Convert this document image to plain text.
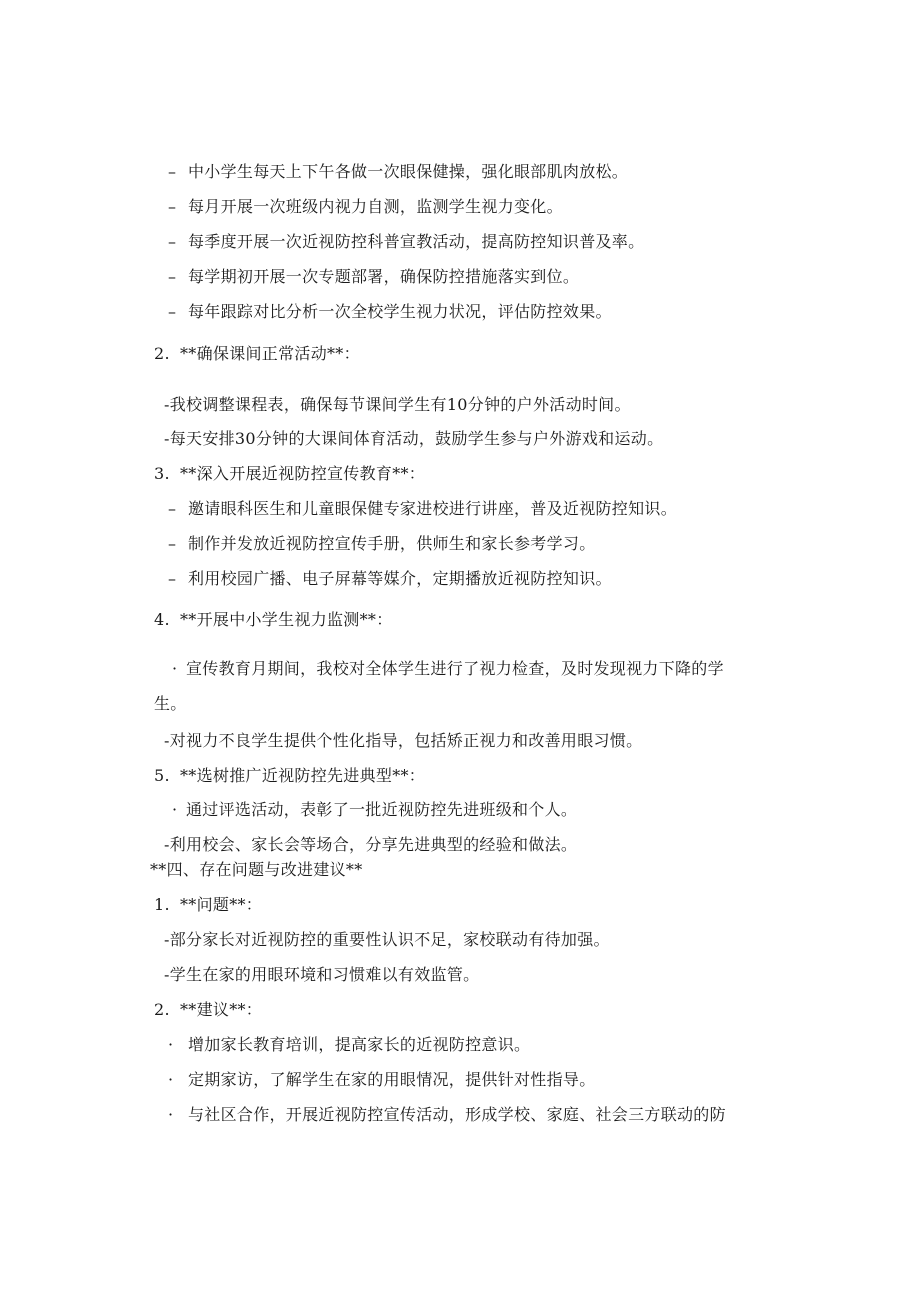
– 中小学生每天上下午各做一次眼保健操，强化眼部肌肉放松。
– 每月开展一次班级内视力自测，监测学生视力变化。
– 每季度开展一次近视防控科普宣教活动，提高防控知识普及率。
– 每学期初开展一次专题部署，确保防控措施落实到位。
– 每年跟踪对比分析一次全校学生视力状况，评估防控效果。
2. **确保课间正常活动**：
-我校调整课程表，确保每节课间学生有10分钟的户外活动时间。
-每天安排30分钟的大课间体育活动，鼓励学生参与户外游戏和运动。
3. **深入开展近视防控宣传教育**：
– 邀请眼科医生和儿童眼保健专家进校进行讲座，普及近视防控知识。
– 制作并发放近视防控宣传手册，供师生和家长参考学习。
– 利用校园广播、电子屏幕等媒介，定期播放近视防控知识。
4. **开展中小学生视力监测**：
· 宣传教育月期间，我校对全体学生进行了视力检查，及时发现视力下降的学
生。
-对视力不良学生提供个性化指导，包括矫正视力和改善用眼习惯。
5. **选树推广近视防控先进典型**：
· 通过评选活动，表彰了一批近视防控先进班级和个人。
-利用校会、家长会等场合，分享先进典型的经验和做法。
**四、存在问题与改进建议**
1. **问题**：
-部分家长对近视防控的重要性认识不足，家校联动有待加强。
-学生在家的用眼环境和习惯难以有效监管。
2. **建议**：
· 增加家长教育培训，提高家长的近视防控意识。
· 定期家访，了解学生在家的用眼情况，提供针对性指导。
· 与社区合作，开展近视防控宣传活动，形成学校、家庭、社会三方联动的防
